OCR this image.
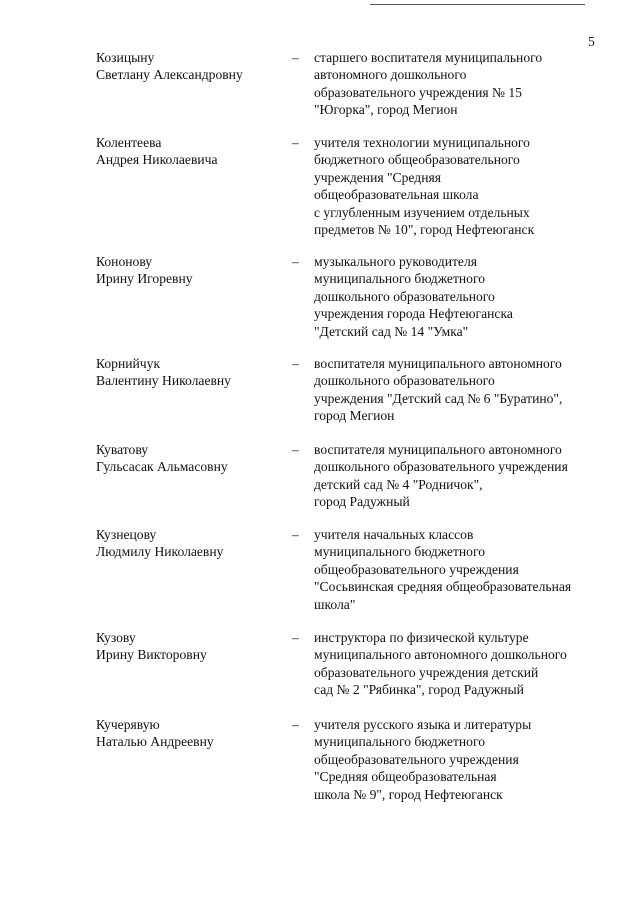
5
Козицыну
Светлану Александровну
– старшего воспитателя муниципального
автономного дошкольного
образовательного учреждения № 15
"Югорка", город Мегион
Колентеева
Андрея Николаевича
– учителя технологии муниципального
бюджетного общеобразовательного
учреждения "Средняя
общеобразовательная школа
с углубленным изучением отдельных
предметов № 10", город Нефтеюганск
Кононову
Ирину Игоревну
– музыкального руководителя
муниципального бюджетного
дошкольного образовательного
учреждения города Нефтеюганска
"Детский сад № 14 "Умка"
Корнийчук
Валентину Николаевну
– воспитателя муниципального автономного
дошкольного образовательного
учреждения "Детский сад № 6 "Буратино",
город Мегион
Куватову
Гульсасак Альмасовну
– воспитателя муниципального автономного
дошкольного образовательного учреждения
детский сад № 4 "Родничок",
город Радужный
Кузнецову
Людмилу Николаевну
– учителя начальных классов
муниципального бюджетного
общеобразовательного учреждения
"Сосьвинская средняя общеобразовательная
школа"
Кузову
Ирину Викторовну
– инструктора по физической культуре
муниципального автономного дошкольного
образовательного учреждения детский
сад № 2 "Рябинка", город Радужный
Кучерявую
Наталью Андреевну
– учителя русского языка и литературы
муниципального бюджетного
общеобразовательного учреждения
"Средняя общеобразовательная
школа № 9", город Нефтеюганск
